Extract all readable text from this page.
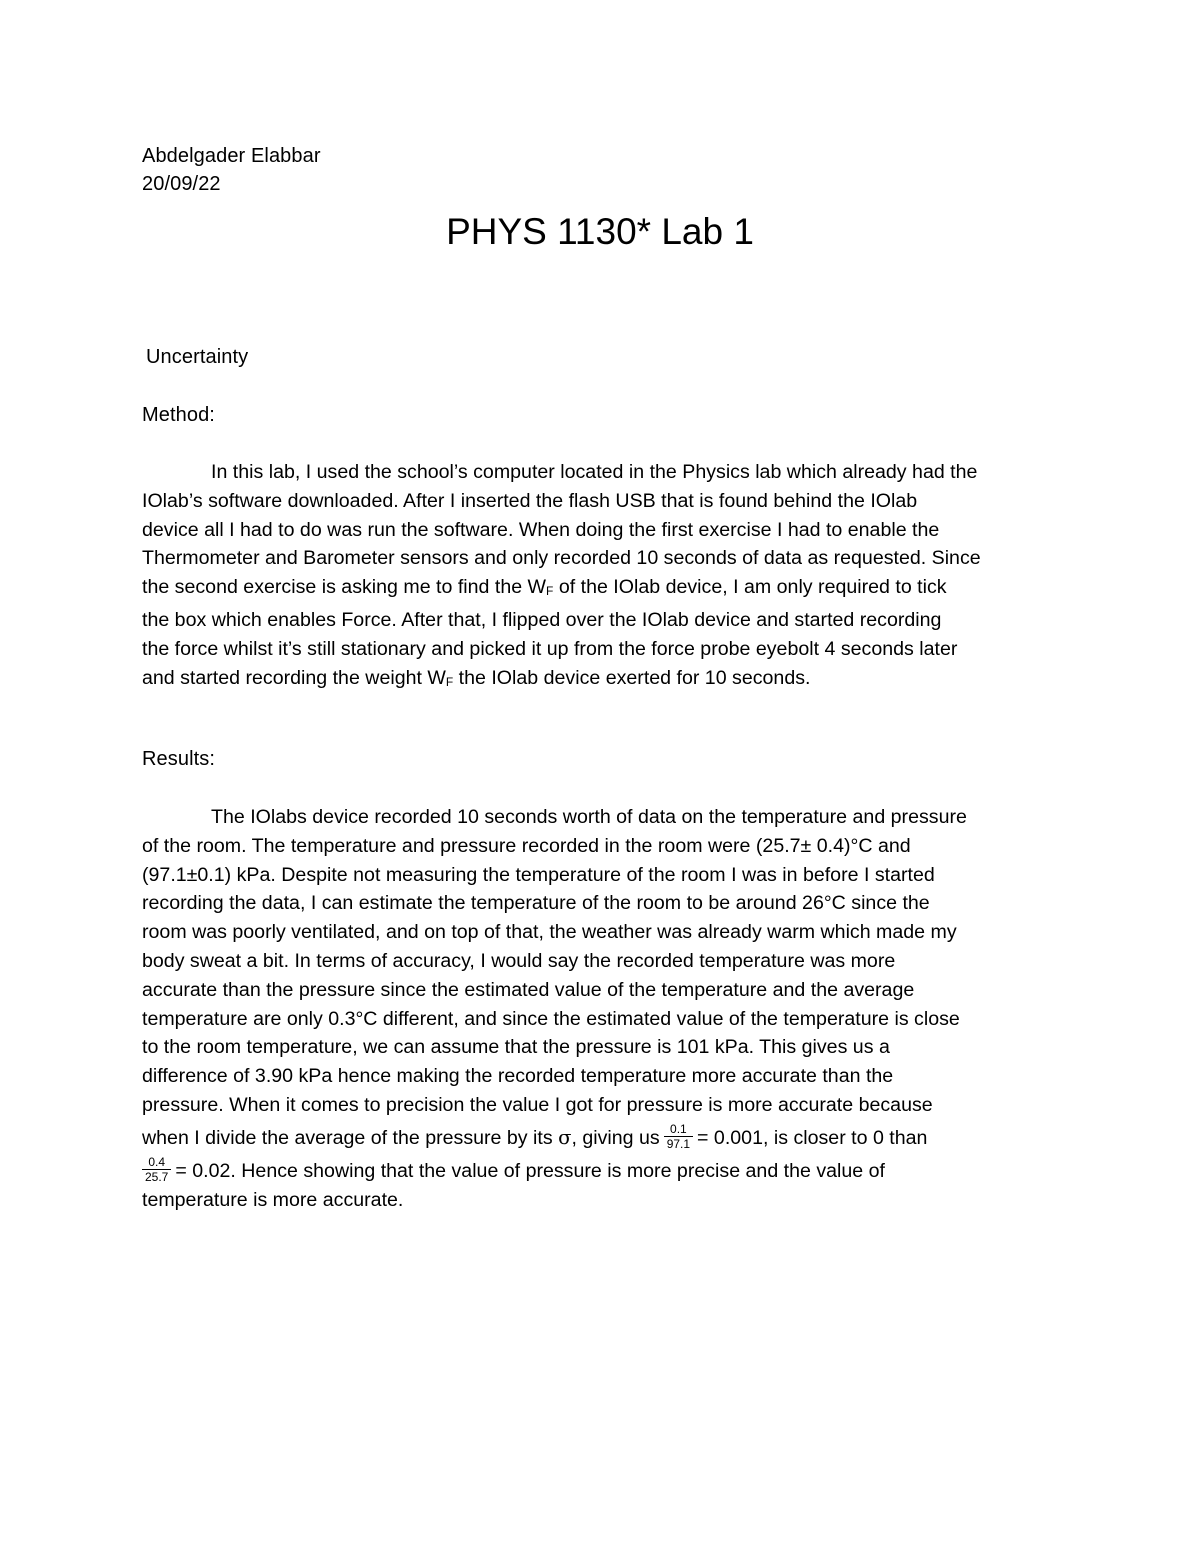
Abdelgader Elabbar
20/09/22
PHYS 1130* Lab 1
Uncertainty
Method:
In this lab, I used the school’s computer located in the Physics lab which already had the
IOlab’s software downloaded. After I inserted the flash USB that is found behind the IOlab
device all I had to do was run the software. When doing the first exercise I had to enable the
Thermometer and Barometer sensors and only recorded 10 seconds of data as requested. Since
the second exercise is asking me to find the $W_F$ of the IOlab device, I am only required to tick
the box which enables Force. After that, I flipped over the IOlab device and started recording
the force whilst it’s still stationary and picked it up from the force probe eyebolt 4 seconds later
and started recording the weight $W_F$ the IOlab device exerted for 10 seconds.
Results:
The IOlabs device recorded 10 seconds worth of data on the temperature and pressure
of the room. The temperature and pressure recorded in the room were (25.7± 0.4)°C and
(97.1±0.1) kPa. Despite not measuring the temperature of the room I was in before I started
recording the data, I can estimate the temperature of the room to be around 26°C since the
room was poorly ventilated, and on top of that, the weather was already warm which made my
body sweat a bit. In terms of accuracy, I would say the recorded temperature was more
accurate than the pressure since the estimated value of the temperature and the average
temperature are only 0.3°C different, and since the estimated value of the temperature is close
to the room temperature, we can assume that the pressure is 101 kPa. This gives us a
difference of 3.90 kPa hence making the recorded temperature more accurate than the
pressure. When it comes to precision the value I got for pressure is more accurate because
when I divide the average of the pressure by its σ, giving us $\frac{0.1}{97.1} = 0.001$, is closer to 0 than
$\frac{0.4}{25.7} = 0.02$. Hence showing that the value of pressure is more precise and the value of
temperature is more accurate.
